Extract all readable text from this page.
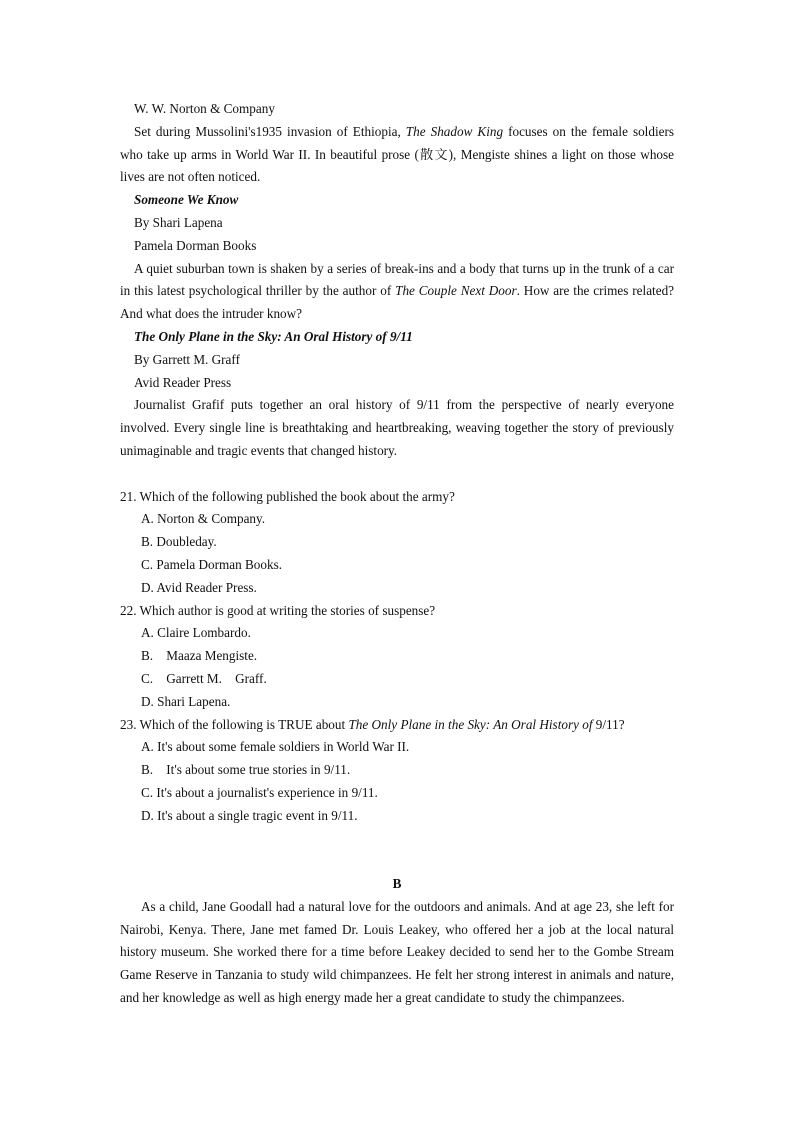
W. W. Norton & Company

Set during Mussolini's1935 invasion of Ethiopia, The Shadow King focuses on the female soldiers who take up arms in World War II. In beautiful prose (散文), Mengiste shines a light on those whose lives are not often noticed.

Someone We Know

By Shari Lapena

Pamela Dorman Books

A quiet suburban town is shaken by a series of break-ins and a body that turns up in the trunk of a car in this latest psychological thriller by the author of The Couple Next Door. How are the crimes related? And what does the intruder know?

The Only Plane in the Sky: An Oral History of 9/11

By Garrett M. Graff

Avid Reader Press

Journalist Grafif puts together an oral history of 9/11 from the perspective of nearly everyone involved. Every single line is breathtaking and heartbreaking, weaving together the story of previously unimaginable and tragic events that changed history.

21. Which of the following published the book about the army?

A. Norton & Company.

B. Doubleday.

C. Pamela Dorman Books.

D. Avid Reader Press.

22. Which author is good at writing the stories of suspense?

A. Claire Lombardo.

B.    Maaza Mengiste.

C.    Garrett M.    Graff.

D. Shari Lapena.

23. Which of the following is TRUE about The Only Plane in the Sky: An Oral History of 9/11?

A. It's about some female soldiers in World War II.

B.    It's about some true stories in 9/11.

C. It's about a journalist's experience in 9/11.

D. It's about a single tragic event in 9/11.

B

As a child, Jane Goodall had a natural love for the outdoors and animals. And at age 23, she left for Nairobi, Kenya. There, Jane met famed Dr. Louis Leakey, who offered her a job at the local natural history museum. She worked there for a time before Leakey decided to send her to the Gombe Stream Game Reserve in Tanzania to study wild chimpanzees. He felt her strong interest in animals and nature, and her knowledge as well as high energy made her a great candidate to study the chimpanzees.
